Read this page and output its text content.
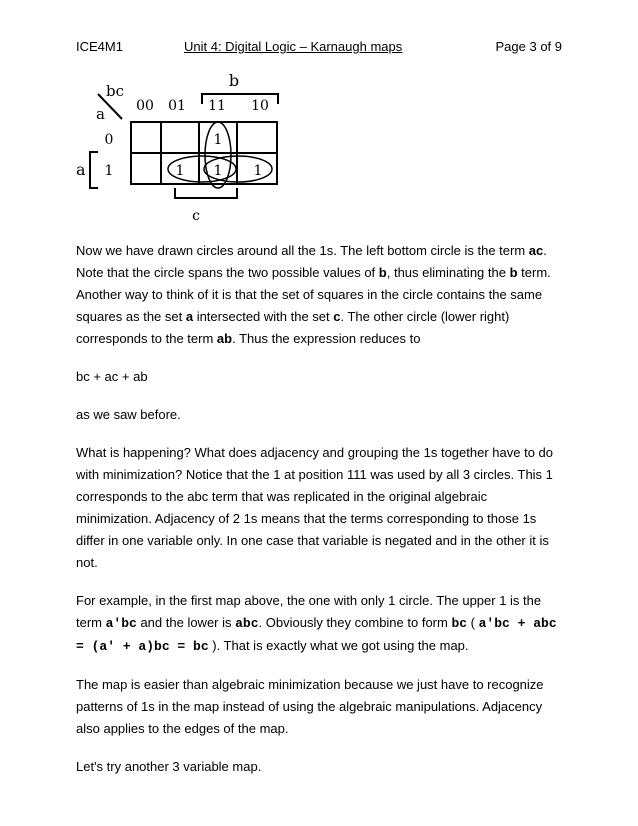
ICE4M1	Unit 4: Digital Logic – Karnaugh maps	Page 3 of 9
bc
a 00 01 11 10
b
0
1
a
1
1 1 1
c

Now we have drawn circles around all the 1s. The left bottom circle is the term ac. Note that the circle spans the two possible values of b, thus eliminating the b term. Another way to think of it is that the set of squares in the circle contains the same squares as the set a intersected with the set c. The other circle (lower right) corresponds to the term ab. Thus the expression reduces to

bc + ac + ab

as we saw before.

What is happening? What does adjacency and grouping the 1s together have to do with minimization? Notice that the 1 at position 111 was used by all 3 circles. This 1 corresponds to the abc term that was replicated in the original algebraic minimization. Adjacency of 2 1s means that the terms corresponding to those 1s differ in one variable only. In one case that variable is negated and in the other it is not.

For example, in the first map above, the one with only 1 circle. The upper 1 is the term a'bc and the lower is abc. Obviously they combine to form bc ( a'bc + abc = (a' + a)bc = bc ). That is exactly what we got using the map.

The map is easier than algebraic minimization because we just have to recognize patterns of 1s in the map instead of using the algebraic manipulations. Adjacency also applies to the edges of the map.

Let's try another 3 variable map.
